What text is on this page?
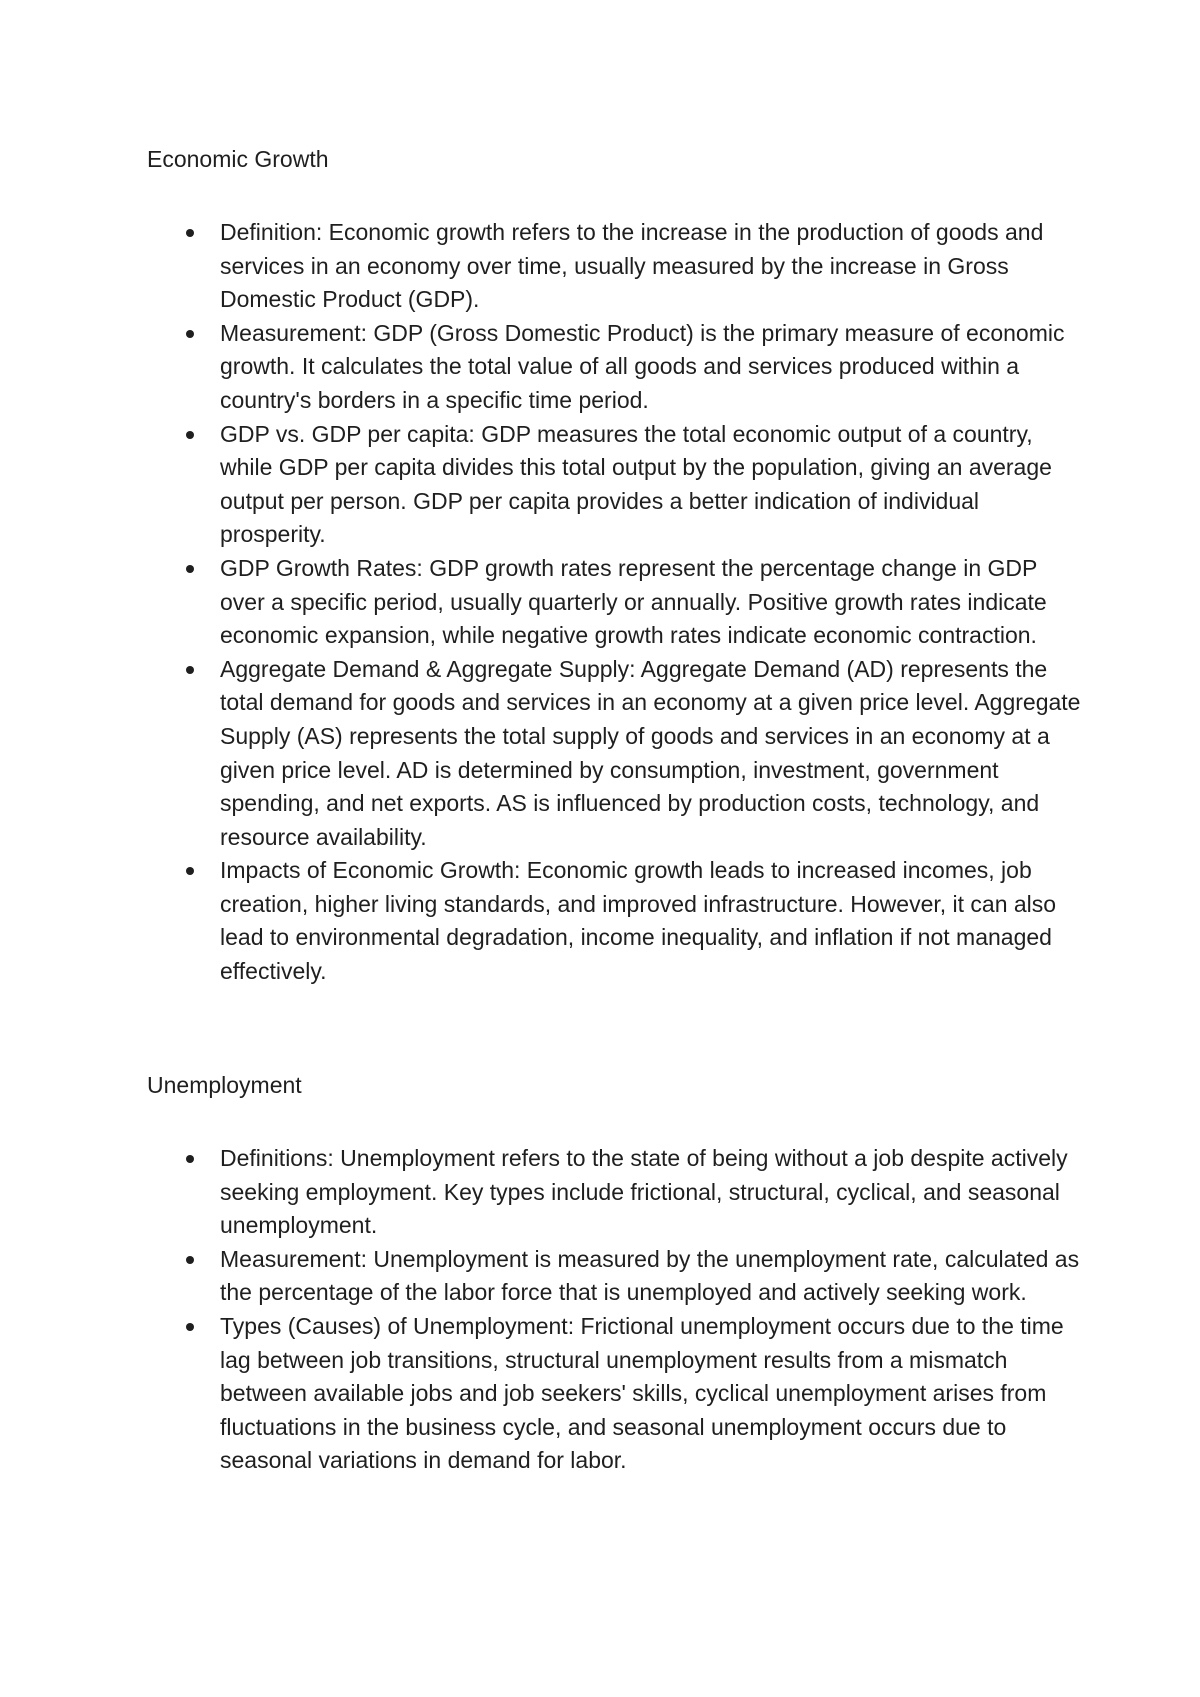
Economic Growth
Definition: Economic growth refers to the increase in the production of goods and services in an economy over time, usually measured by the increase in Gross Domestic Product (GDP).
Measurement: GDP (Gross Domestic Product) is the primary measure of economic growth. It calculates the total value of all goods and services produced within a country's borders in a specific time period.
GDP vs. GDP per capita: GDP measures the total economic output of a country, while GDP per capita divides this total output by the population, giving an average output per person. GDP per capita provides a better indication of individual prosperity.
GDP Growth Rates: GDP growth rates represent the percentage change in GDP over a specific period, usually quarterly or annually. Positive growth rates indicate economic expansion, while negative growth rates indicate economic contraction.
Aggregate Demand & Aggregate Supply: Aggregate Demand (AD) represents the total demand for goods and services in an economy at a given price level. Aggregate Supply (AS) represents the total supply of goods and services in an economy at a given price level. AD is determined by consumption, investment, government spending, and net exports. AS is influenced by production costs, technology, and resource availability.
Impacts of Economic Growth: Economic growth leads to increased incomes, job creation, higher living standards, and improved infrastructure. However, it can also lead to environmental degradation, income inequality, and inflation if not managed effectively.
Unemployment
Definitions: Unemployment refers to the state of being without a job despite actively seeking employment. Key types include frictional, structural, cyclical, and seasonal unemployment.
Measurement: Unemployment is measured by the unemployment rate, calculated as the percentage of the labor force that is unemployed and actively seeking work.
Types (Causes) of Unemployment: Frictional unemployment occurs due to the time lag between job transitions, structural unemployment results from a mismatch between available jobs and job seekers' skills, cyclical unemployment arises from fluctuations in the business cycle, and seasonal unemployment occurs due to seasonal variations in demand for labor.
